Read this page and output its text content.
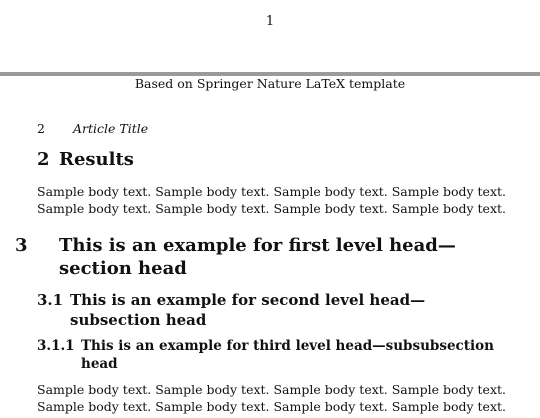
1
Based on Springer Nature LaTeX template
2 Article Title
2 Results

Sample body text. Sample body text. Sample body text. Sample body text.

Sample body text. Sample body text. Sample body text. Sample body text.

3 This is an example for first level head—section head
3.1 This is an example for second level head—subsection head
3.1.1 This is an example for third level head—subsubsection head

Sample body text. Sample body text. Sample body text. Sample body text.

Sample body text. Sample body text. Sample body text. Sample body text.
